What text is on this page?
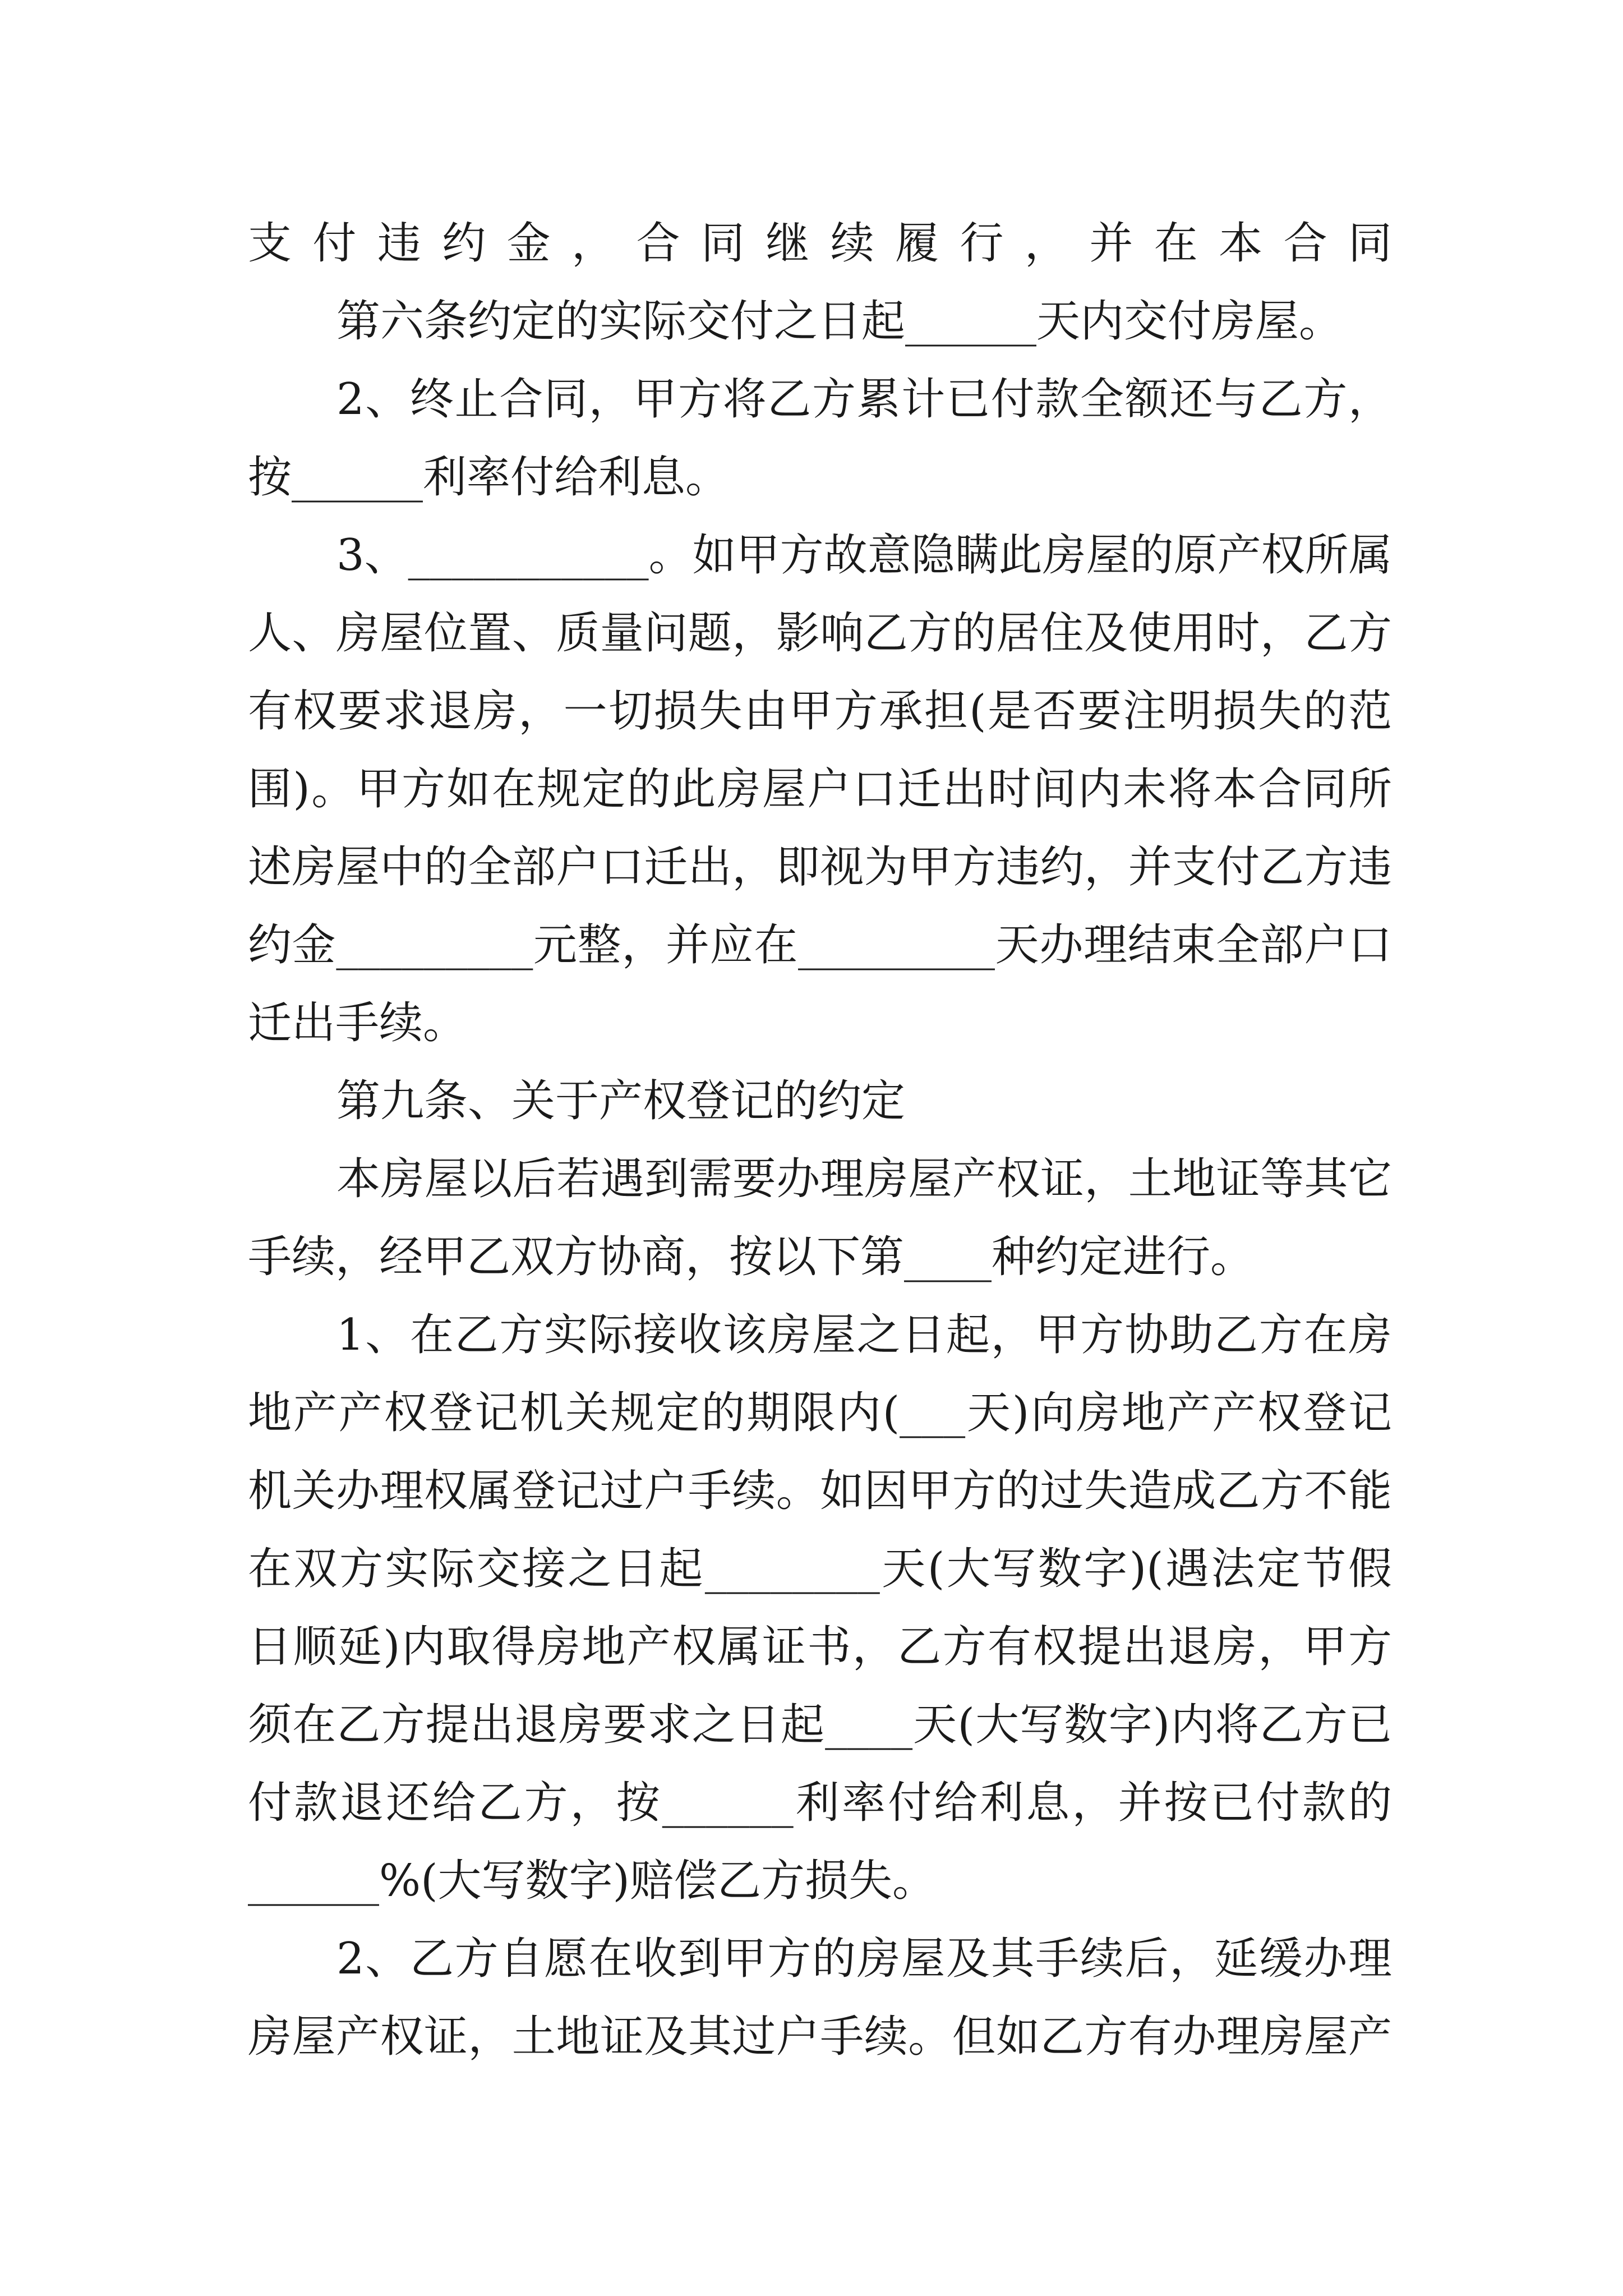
支付违约金，合同继续履行，并在本合同
第六条约定的实际交付之日起______天内交付房屋。
2、终止合同，甲方将乙方累计已付款全额还与乙方，
按______利率付给利息。
3、___________。如甲方故意隐瞒此房屋的原产权所属
人、房屋位置、质量问题，影响乙方的居住及使用时，乙方
有权要求退房，一切损失由甲方承担(是否要注明损失的范
围)。甲方如在规定的此房屋户口迁出时间内未将本合同所
述房屋中的全部户口迁出，即视为甲方违约，并支付乙方违
约金_________元整，并应在_________天办理结束全部户口
迁出手续。
第九条、关于产权登记的约定
本房屋以后若遇到需要办理房屋产权证，土地证等其它
手续，经甲乙双方协商，按以下第____种约定进行。
1、在乙方实际接收该房屋之日起，甲方协助乙方在房
地产产权登记机关规定的期限内(___天)向房地产产权登记
机关办理权属登记过户手续。如因甲方的过失造成乙方不能
在双方实际交接之日起________天(大写数字)(遇法定节假
日顺延)内取得房地产权属证书，乙方有权提出退房，甲方
须在乙方提出退房要求之日起____天(大写数字)内将乙方已
付款退还给乙方，按______利率付给利息，并按已付款的
______%(大写数字)赔偿乙方损失。
2、乙方自愿在收到甲方的房屋及其手续后，延缓办理
房屋产权证，土地证及其过户手续。但如乙方有办理房屋产
